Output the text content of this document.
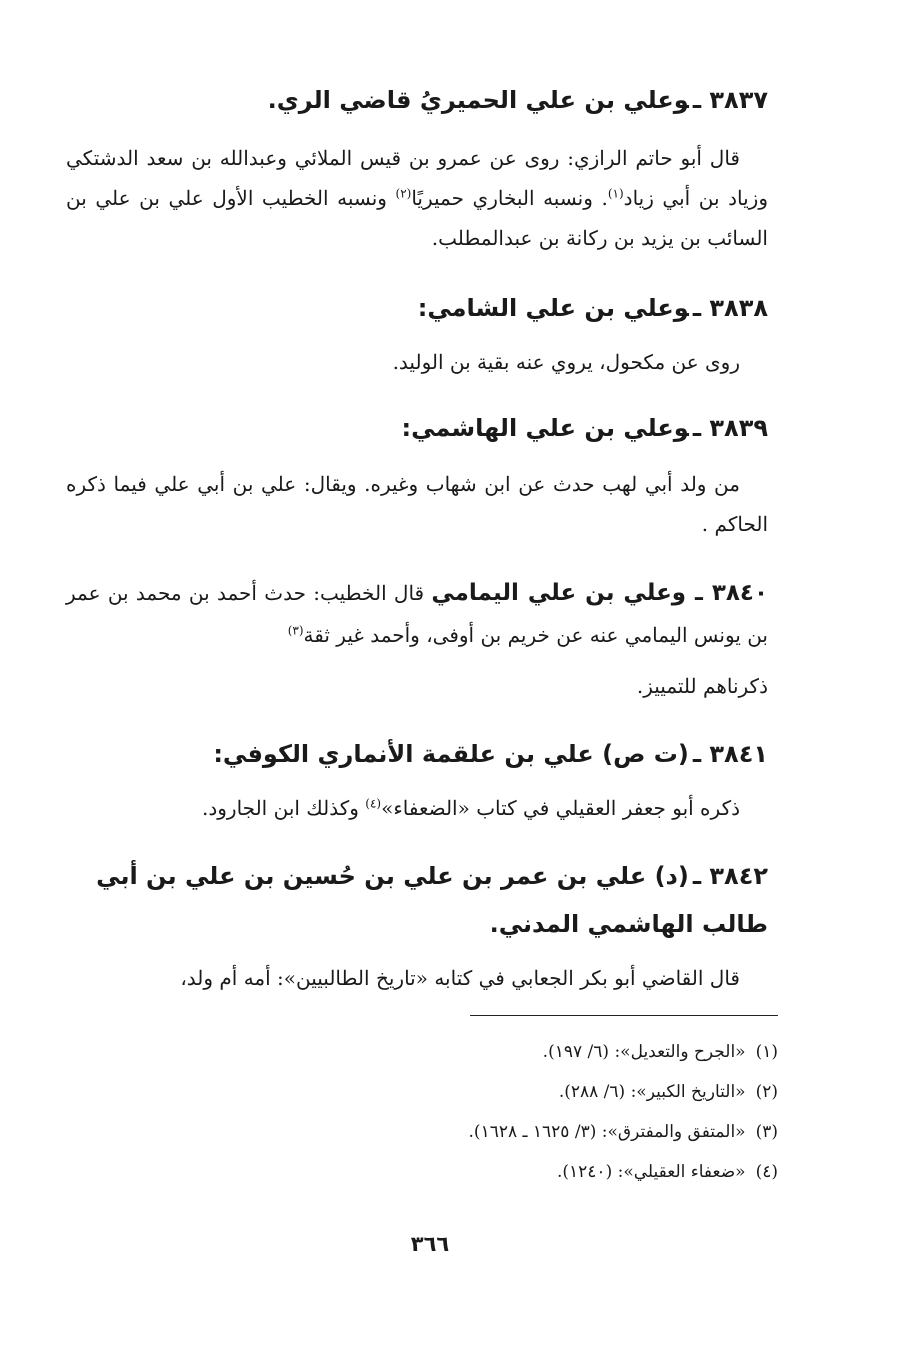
٣٨٣٧ ـوعلي بن علي الحميريُ قاضي الري.

قال أبو حاتم الرازي: روى عن عمرو بن قيس الملائي وعبدالله بن سعد الدشتكي وزياد بن أبي زياد$^{(١)}$. ونسبه البخاري حميريًا$^{(٢)}$ ونسبه الخطيب الأول علي بن علي بن السائب بن يزيد بن ركانة بن عبدالمطلب.

٣٨٣٨ ـوعلي بن علي الشامي:

روى عن مكحول، يروي عنه بقية بن الوليد.

٣٨٣٩ ـوعلي بن علي الهاشمي:

من ولد أبي لهب حدث عن ابن شهاب وغيره. ويقال: علي بن أبي علي فيما ذكره الحاكم .

٣٨٤٠ ـ وعلي بن علي اليمامي قال الخطيب: حدث أحمد بن محمد بن عمر بن يونس اليمامي عنه عن خريم بن أوفى، وأحمد غير ثقة$^{(٣)}$

ذكرناهم للتمييز.

٣٨٤١ ـ(ت ص) علي بن علقمة الأنماري الكوفي:

ذكره أبو جعفر العقيلي في كتاب «الضعفاء»$^{(٤)}$ وكذلك ابن الجارود.

٣٨٤٢ ـ(د) علي بن عمر بن علي بن حُسين بن علي بن أبي طالب الهاشمي المدني.

قال القاضي أبو بكر الجعابي في كتابه «تاريخ الطالبيين»: أمه أم ولد،

(١)«الجرح والتعديل»: (٦/ ١٩٧).

(٢)«التاريخ الكبير»: (٦/ ٢٨٨).

(٣)«المتفق والمفترق»: (٣/ ١٦٢٥ ـ ١٦٢٨).

(٤)«ضعفاء العقيلي»: (١٢٤٠).

٣٦٦
